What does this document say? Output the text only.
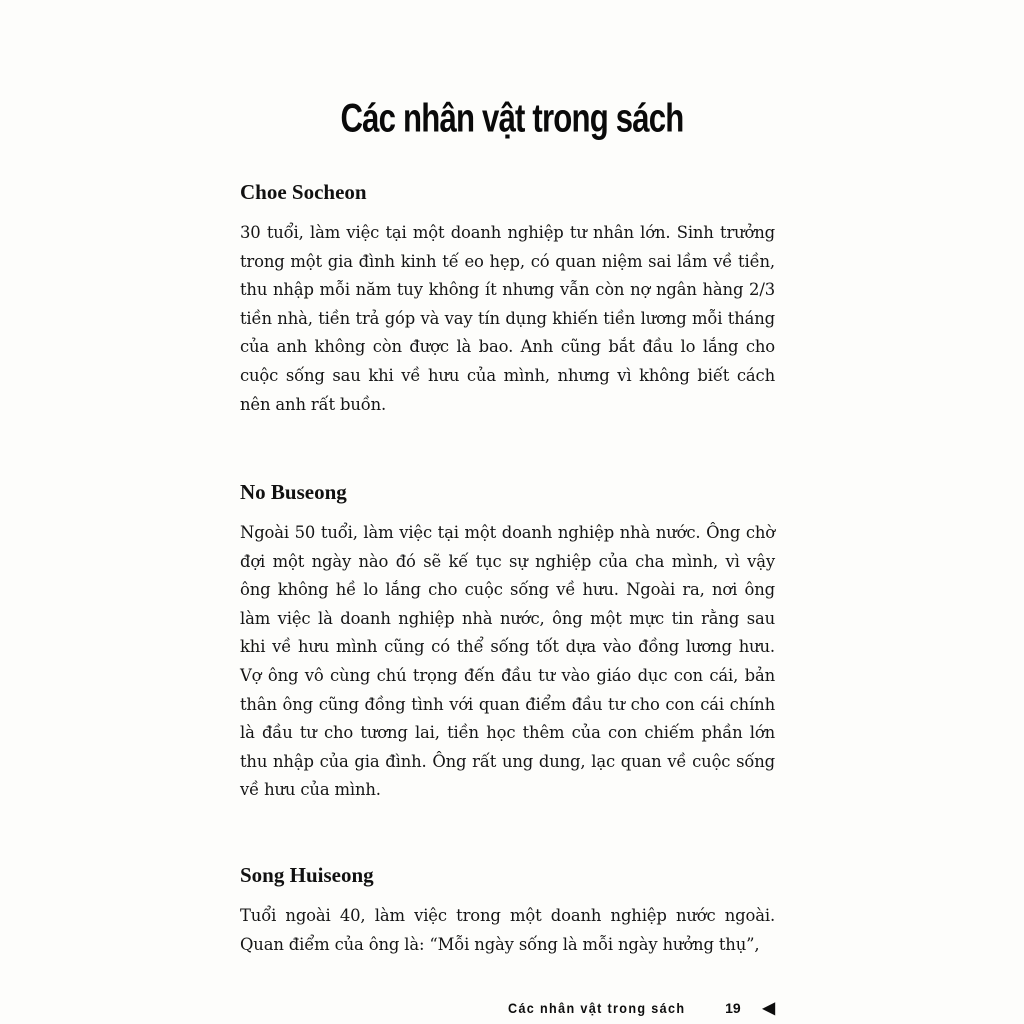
Các nhân vật trong sách
Choe Socheon

30 tuổi, làm việc tại một doanh nghiệp tư nhân lớn. Sinh trưởng trong một gia đình kinh tế eo hẹp, có quan niệm sai lầm về tiền, thu nhập mỗi năm tuy không ít nhưng vẫn còn nợ ngân hàng 2/3 tiền nhà, tiền trả góp và vay tín dụng khiến tiền lương mỗi tháng của anh không còn được là bao. Anh cũng bắt đầu lo lắng cho cuộc sống sau khi về hưu của mình, nhưng vì không biết cách nên anh rất buồn.

No Buseong

Ngoài 50 tuổi, làm việc tại một doanh nghiệp nhà nước. Ông chờ đợi một ngày nào đó sẽ kế tục sự nghiệp của cha mình, vì vậy ông không hề lo lắng cho cuộc sống về hưu. Ngoài ra, nơi ông làm việc là doanh nghiệp nhà nước, ông một mực tin rằng sau khi về hưu mình cũng có thể sống tốt dựa vào đồng lương hưu. Vợ ông vô cùng chú trọng đến đầu tư vào giáo dục con cái, bản thân ông cũng đồng tình với quan điểm đầu tư cho con cái chính là đầu tư cho tương lai, tiền học thêm của con chiếm phần lớn thu nhập của gia đình. Ông rất ung dung, lạc quan về cuộc sống về hưu của mình.

Song Huiseong

Tuổi ngoài 40, làm việc trong một doanh nghiệp nước ngoài. Quan điểm của ông là: “Mỗi ngày sống là mỗi ngày hưởng thụ”,

Các nhân vật trong sách	19 ◀
